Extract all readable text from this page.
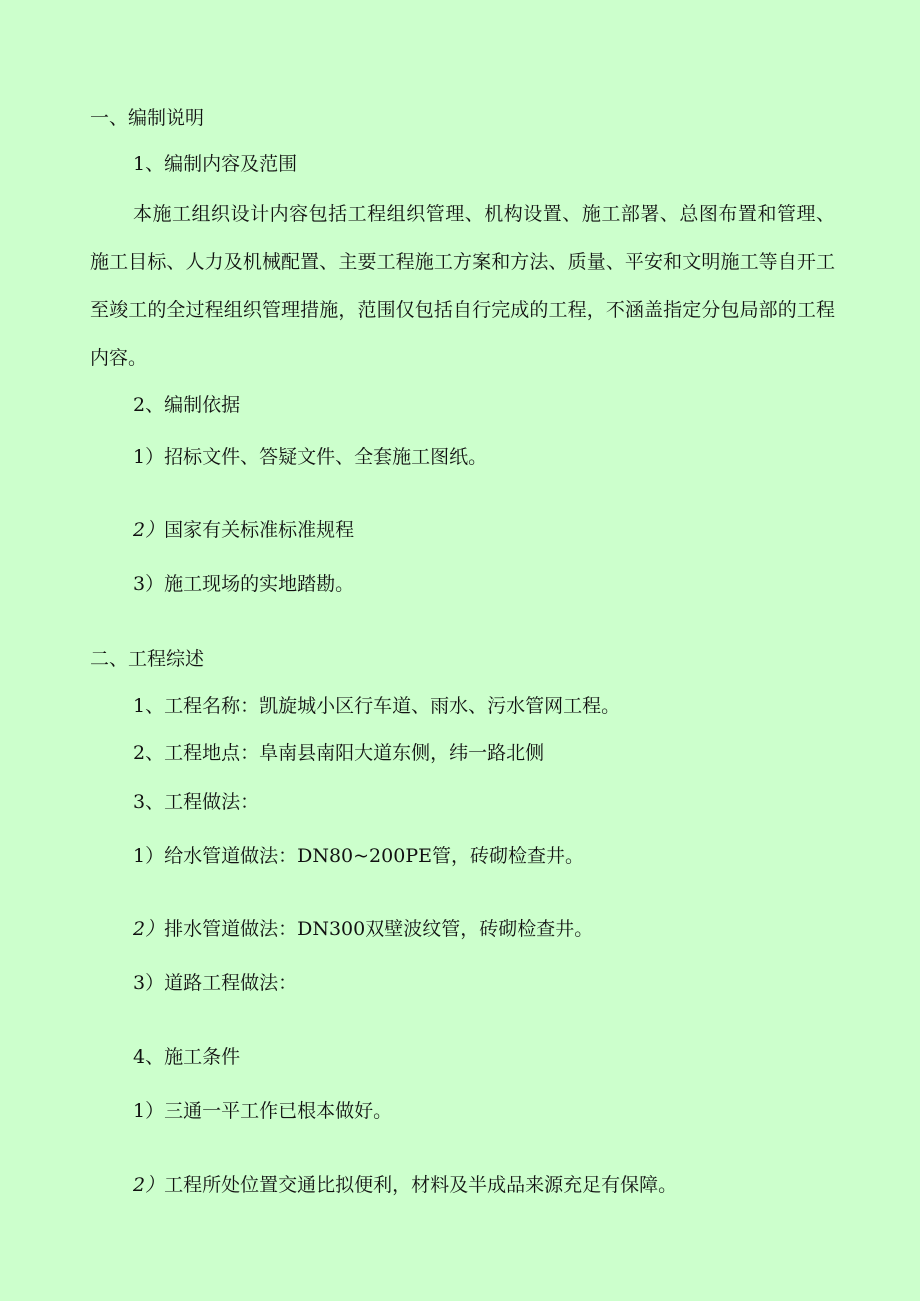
一、编制说明

1、编制内容及范围

本施工组织设计内容包括工程组织管理、机构设置、施工部署、总图布置和管理、施工目标、人力及机械配置、主要工程施工方案和方法、质量、平安和文明施工等自开工至竣工的全过程组织管理措施，范围仅包括自行完成的工程，不涵盖指定分包局部的工程内容。

2、编制依据

1）招标文件、答疑文件、全套施工图纸。

2）国家有关标准标准规程

3）施工现场的实地踏勘。

二、工程综述

1、工程名称：凯旋城小区行车道、雨水、污水管网工程。

2、工程地点：阜南县南阳大道东侧，纬一路北侧

3、工程做法：

1）给水管道做法：DN80~200PE管，砖砌检查井。

2）排水管道做法：DN300双壁波纹管，砖砌检查井。

3）道路工程做法：

4、施工条件

1）三通一平工作已根本做好。

2）工程所处位置交通比拟便利，材料及半成品来源充足有保障。
